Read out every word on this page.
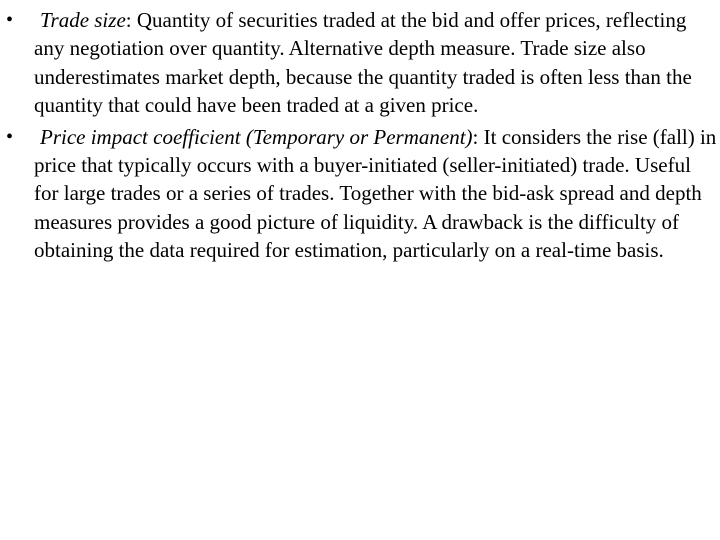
•	Trade size: Quantity of securities traded at the bid and offer prices, reflecting any negotiation over quantity. Alternative depth measure. Trade size also underestimates market depth, because the quantity traded is often less than the quantity that could have been traded at a given price.
•	Price impact coefficient (Temporary or Permanent): It considers the rise (fall) in price that typically occurs with a buyer-initiated (seller-initiated) trade. Useful for large trades or a series of trades. Together with the bid-ask spread and depth measures provides a good picture of liquidity. A drawback is the difficulty of obtaining the data required for estimation, particularly on a real-time basis.
